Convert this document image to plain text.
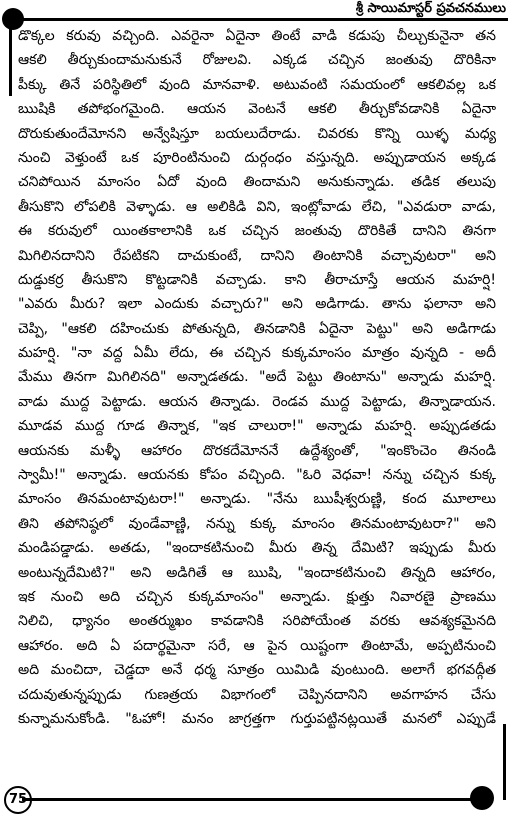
శ్రీ సాయిమాస్టర్ ప్రవచనములు
డొక్కల కరువు వచ్చింది. ఎవరైనా ఏదైనా తింటే వాడి కడుపు చీల్చుకునైనా తన
ఆకలి తీర్చుకుందామనుకునే రోజులవి. ఎక్కడ చచ్చిన జంతువు దొరికినా
పీక్కు తినే పరిస్థితిలో వుంది మానవాళి. అటువంటి సమయంలో ఆకలివల్ల ఒక
ఋషికి తపోభంగమైంది. ఆయన వెంటనే ఆకలి తీర్చుకోవడానికి ఏదైనా
దొరుకుతుందేమోనని అన్వేషిస్తూ బయలుదేరాడు. చివరకు కొన్ని యిళ్ళ మధ్య
నుంచి వెళ్తుంటే ఒక పూరింటినుంచి దుర్గంధం వస్తున్నది. అప్పుడాయన అక్కడ
చనిపోయిన మాంసం ఏదో వుంది తిందామని అనుకున్నాడు. తడిక తలుపు
తీసుకొని లోపలికి వెళ్ళాడు. ఆ అలికిడి విని, ఇంట్లోవాడు లేచి, "ఎవడురా వాడు,
ఈ కరువులో యింతకాలానికి ఒక చచ్చిన జంతువు దొరికితే దానిని తినగా
మిగిలినదానిని రేపటికని దాచుకుంటే, దానిని తింటానికి వచ్చావుటరా" అని
దుడ్డుకర్ర తీసుకొని కొట్టడానికి వచ్చాడు. కాని తీరాచూస్తే ఆయన మహర్షి!
"ఎవరు మీరు? ఇలా ఎందుకు వచ్చారు?" అని అడిగాడు. తాను ఫలానా అని
చెప్పి, "ఆకలి దహించుకు పోతున్నది, తినడానికి ఏదైనా పెట్టు" అని అడిగాడు
మహర్షి. "నా వద్ద ఏమీ లేదు, ఈ చచ్చిన కుక్కమాంసం మాత్రం వున్నది - అదీ
మేము తినగా మిగిలినది" అన్నాడతడు. "అదే పెట్టు తింటాను" అన్నాడు మహర్షి.
వాడు ముద్ద పెట్టాడు. ఆయన తిన్నాడు. రెండవ ముద్ద పెట్టాడు, తిన్నాడాయన.
మూడవ ముద్ద గూడ తిన్నాక, "ఇక చాలురా!" అన్నాడు మహర్షి. అప్పుడతడు
ఆయనకు మళ్ళీ ఆహారం దొరకదేమోననే ఉద్దేశ్యంతో, "ఇంకొంచెం తినండి
స్వామీ!" అన్నాడు. ఆయనకు కోపం వచ్చింది. "ఓరి వెధవా! నన్ను చచ్చిన కుక్క
మాంసం తినమంటావుటరా!" అన్నాడు. "నేను ఋషీశ్వరుణ్ణి, కంద మూలాలు
తిని తపోనిష్ఠలో వుండేవాణ్ణి, నన్ను కుక్క మాంసం తినమంటావుటరా?" అని
మండిపడ్డాడు. అతడు, "ఇందాకటినుంచి మీరు తిన్న దేమిటి? ఇప్పుడు మీరు
అంటున్నదేమిటి?" అని అడిగితే ఆ ఋషి, "ఇందాకటినుంచి తిన్నది ఆహారం,
ఇక నుంచి అది చచ్చిన కుక్కమాంసం" అన్నాడు. క్షుత్తు నివారణై ప్రాణము
నిలిచి, ధ్యానం అంతర్ముఖం కావడానికి సరిపోయేంత వరకు ఆవశ్యకమైనది
ఆహారం. అది ఏ పదార్థమైనా సరే, ఆ పైన యిష్టంగా తింటామే, అప్పటినుంచి
అది మంచిదా, చెడ్డదా అనే ధర్మ సూత్రం యిమిడి వుంటుంది. అలాగే భగవద్గీత
చదువుతున్నప్పుడు గుణత్రయ విభాగంలో చెప్పినదానిని అవగాహన చేసు
కున్నామనుకోండి. "ఓహో! మనం జాగ్రత్తగా గుర్తుపట్టినట్లయితే మనలో ఎప్పుడే
75
